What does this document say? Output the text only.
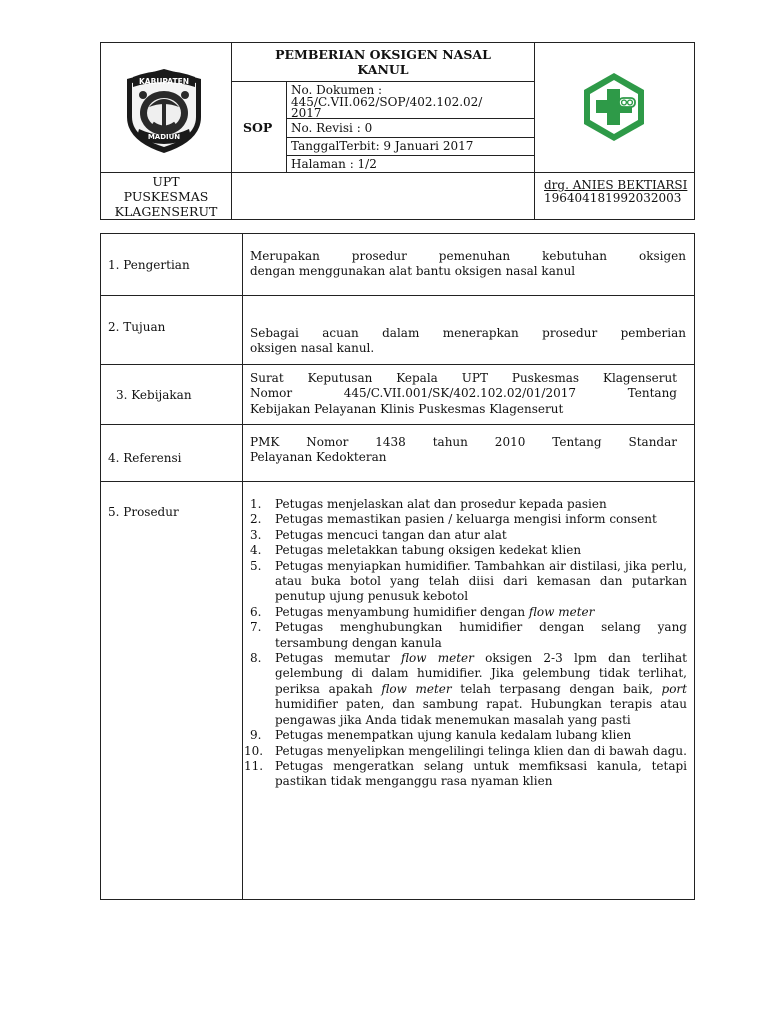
KABUPATEN
MADIUN
PEMBERIAN OKSIGEN NASAL
KANUL
SOP
No. Dokumen :
445/C.VII.062/SOP/402.102.02/
2017
No. Revisi : 0
TanggalTerbit: 9 Januari 2017
Halaman : 1/2
UPT
PUSKESMAS
KLAGENSERUT
drg. ANIES BEKTIARSI
196404181992032003
1. Pengertian
Merupakan prosedur pemenuhan kebutuhan oksigen
dengan menggunakan alat bantu oksigen nasal kanul
2. Tujuan	Sebagai acuan dalam menerapkan prosedur pemberian
oksigen nasal kanul.
3. Kebijakan
Surat Keputusan Kepala UPT Puskesmas Klagenserut
Nomor 445/C.VII.001/SK/402.102.02/01/2017 Tentang
Kebijakan Pelayanan Klinis Puskesmas Klagenserut
4. Referensi
PMK Nomor 1438 tahun 2010 Tentang Standar
Pelayanan Kedokteran
5. Prosedur
1. Petugas menjelaskan alat dan prosedur kepada pasien
2. Petugas memastikan pasien / keluarga mengisi inform consent
3. Petugas mencuci tangan dan atur alat
4. Petugas meletakkan tabung oksigen kedekat klien
5. Petugas menyiapkan humidifier. Tambahkan air distilasi, jika perlu, atau buka botol yang telah diisi dari kemasan dan putarkan penutup ujung penusuk kebotol
6. Petugas menyambung humidifier dengan flow meter
7. Petugas menghubungkan humidifier dengan selang yang tersambung dengan kanula
8. Petugas memutar flow meter oksigen 2-3 lpm dan terlihat gelembung di dalam humidifier. Jika gelembung tidak terlihat, periksa apakah flow meter telah terpasang dengan baik, port humidifier paten, dan sambung rapat. Hubungkan terapis atau pengawas jika Anda tidak menemukan masalah yang pasti
9. Petugas menempatkan ujung kanula kedalam lubang klien
10. Petugas menyelipkan mengelilingi telinga klien dan di bawah dagu.
11. Petugas mengeratkan selang untuk memfiksasi kanula, tetapi pastikan tidak menganggu rasa nyaman klien
